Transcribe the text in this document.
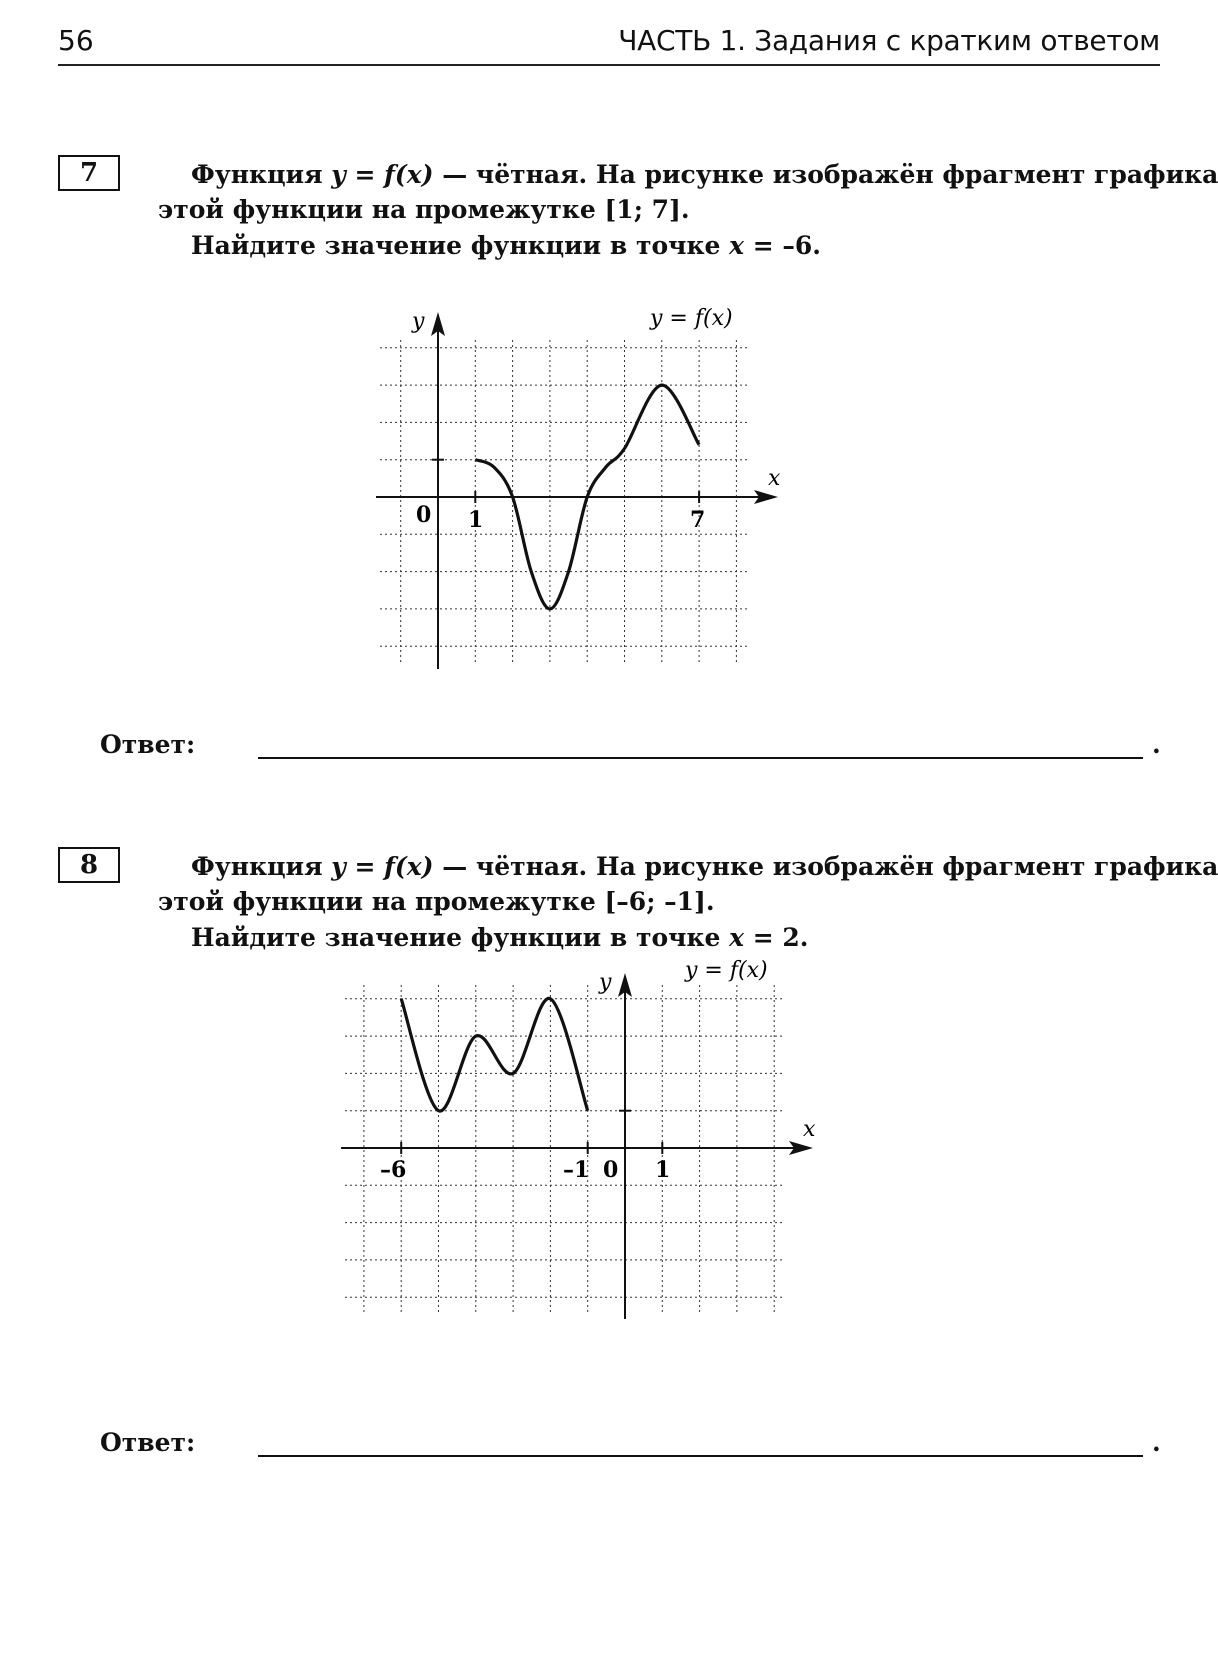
56	ЧАСТЬ 1. Задания с кратким ответом
7	Функция y = f(x) — чётная. На рисунке изображён фрагмент графика
этой функции на промежутке [1; 7].
Найдите значение функции в точке x = –6.
y = f(x)
x
y
0 1	7
Ответ:	.
8	Функция y = f(x) — чётная. На рисунке изображён фрагмент графика
этой функции на промежутке [–6; –1].
Найдите значение функции в точке x = 2.
y = f(x)
x
y
–6	–1 0 1
Ответ:	.
